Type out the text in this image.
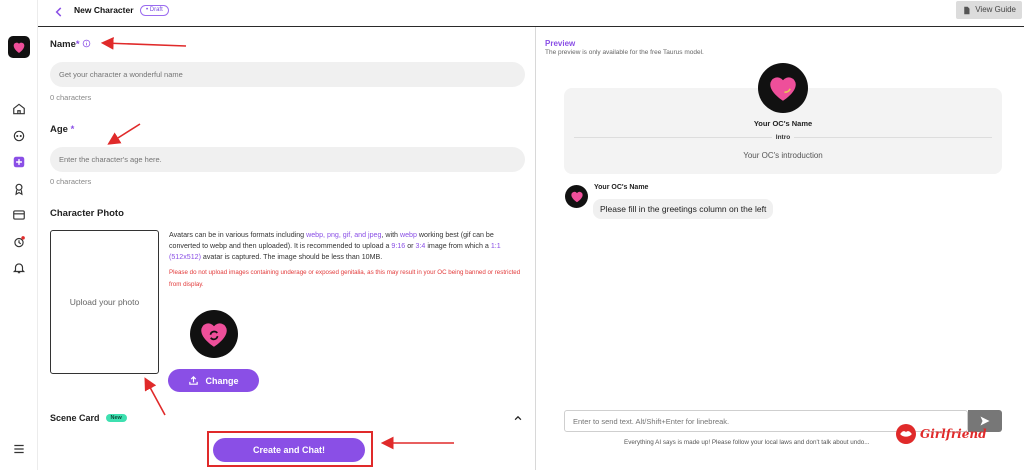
New Character	• Draft	View Guide
Name*
Get your character a wonderful name
0 characters
Age *
Enter the character's age here.
0 characters
Character Photo
Upload your photo
Avatars can be in various formats including webp, png, gif, and jpeg, with webp working best (gif can be converted to webp and then uploaded). It is recommended to upload a 9:16 or 3:4 image from which a 1:1 (512x512) avatar is captured. The image should be less than 10MB.
Please do not upload images containing underage or exposed genitalia, as this may result in your OC being banned or restricted from display.
Change
Scene Card	New
Create and Chat!
Preview
The preview is only available for the free Taurus model.
Your OC's Name
Intro
Your OC's introduction
Your OC's Name
Please fill in the greetings column on the left
Enter to send text. Alt/Shift+Enter for linebreak.
Everything AI says is made up! Please follow your local laws and don't talk about undo...
Girlfriend
